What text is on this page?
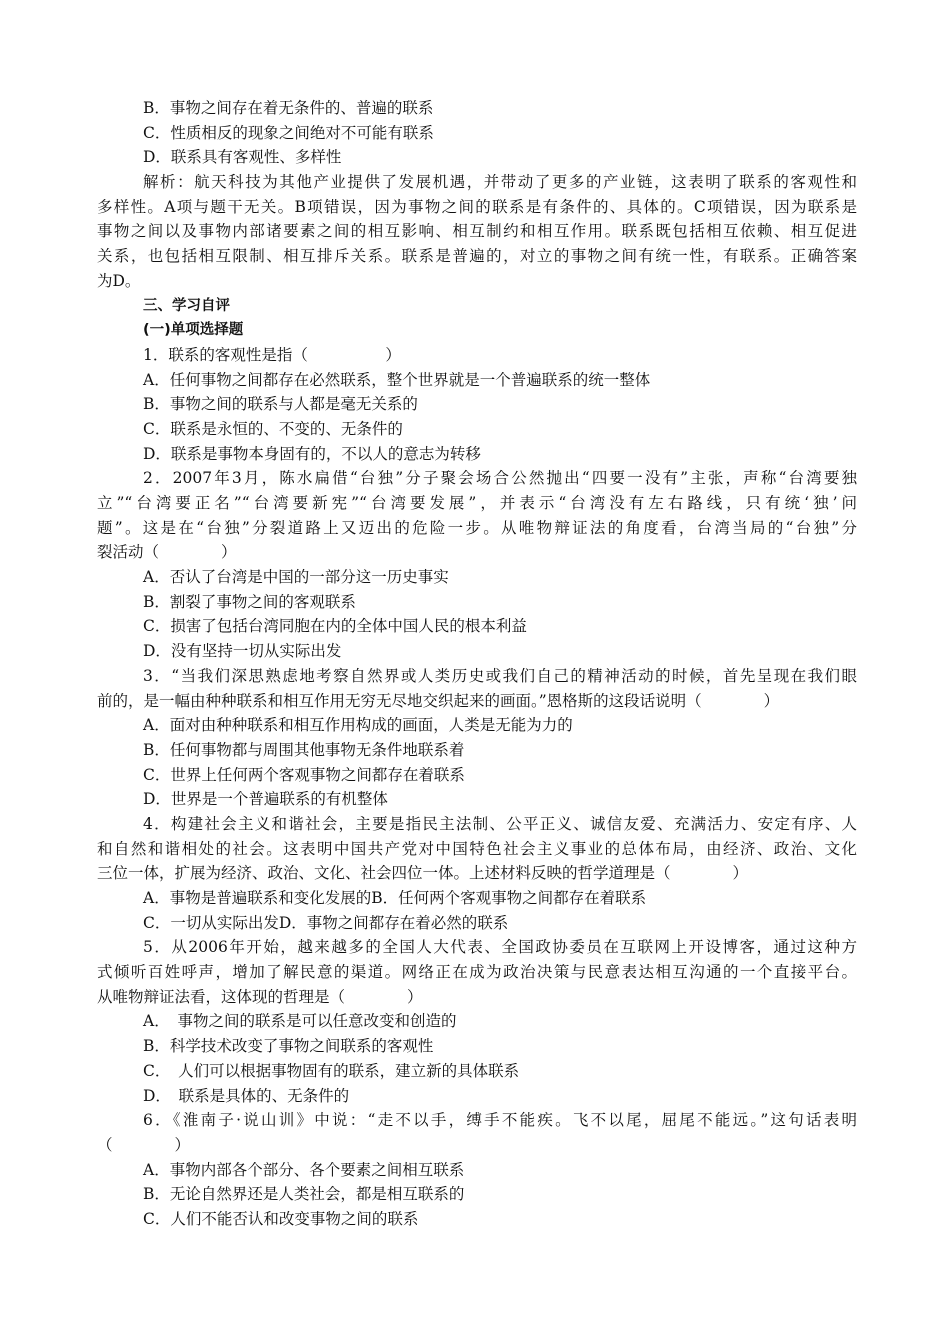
B．事物之间存在着无条件的、普遍的联系
C．性质相反的现象之间绝对不可能有联系
D．联系具有客观性、多样性
解析：航天科技为其他产业提供了发展机遇，并带动了更多的产业链，这表明了联系的客观性和
多样性。A项与题干无关。B项错误，因为事物之间的联系是有条件的、具体的。C项错误，因为联系是
事物之间以及事物内部诸要素之间的相互影响、相互制约和相互作用。联系既包括相互依赖、相互促进
关系，也包括相互限制、相互排斥关系。联系是普遍的，对立的事物之间有统一性，有联系。正确答案
为D。
三、学习自评
(一)单项选择题
1．联系的客观性是指（　　　　　）
A．任何事物之间都存在必然联系，整个世界就是一个普遍联系的统一整体
B．事物之间的联系与人都是毫无关系的
C．联系是永恒的、不变的、无条件的
D．联系是事物本身固有的，不以人的意志为转移
2．2007年3月，陈水扁借“台独”分子聚会场合公然抛出“四要一没有”主张，声称“台湾要独
立”“台湾要正名”“台湾要新宪”“台湾要发展”，并表示“台湾没有左右路线，只有统‘独’问
题”。这是在“台独”分裂道路上又迈出的危险一步。从唯物辩证法的角度看，台湾当局的“台独”分
裂活动（　　　　）
A．否认了台湾是中国的一部分这一历史事实
B．割裂了事物之间的客观联系
C．损害了包括台湾同胞在内的全体中国人民的根本利益
D．没有坚持一切从实际出发
3．“当我们深思熟虑地考察自然界或人类历史或我们自己的精神活动的时候，首先呈现在我们眼
前的，是一幅由种种联系和相互作用无穷无尽地交织起来的画面。”恩格斯的这段话说明（　　　　）
A．面对由种种联系和相互作用构成的画面，人类是无能为力的
B．任何事物都与周围其他事物无条件地联系着
C．世界上任何两个客观事物之间都存在着联系
D．世界是一个普遍联系的有机整体
4．构建社会主义和谐社会，主要是指民主法制、公平正义、诚信友爱、充满活力、安定有序、人
和自然和谐相处的社会。这表明中国共产党对中国特色社会主义事业的总体布局，由经济、政治、文化
三位一体，扩展为经济、政治、文化、社会四位一体。上述材料反映的哲学道理是（　　　　）
A．事物是普遍联系和变化发展的B．任何两个客观事物之间都存在着联系
C．一切从实际出发D．事物之间都存在着必然的联系
5．从2006年开始，越来越多的全国人大代表、全国政协委员在互联网上开设博客，通过这种方
式倾听百姓呼声，增加了解民意的渠道。网络正在成为政治决策与民意表达相互沟通的一个直接平台。
从唯物辩证法看，这体现的哲理是（　　　　）
A．　事物之间的联系是可以任意改变和创造的
B．科学技术改变了事物之间联系的客观性
C．　人们可以根据事物固有的联系，建立新的具体联系
D．　联系是具体的、无条件的
6．《淮南子·说山训》中说：“走不以手，缚手不能疾。飞不以尾，屈尾不能远。”这句话表明
（　　　　）
A．事物内部各个部分、各个要素之间相互联系
B．无论自然界还是人类社会，都是相互联系的
C．人们不能否认和改变事物之间的联系
